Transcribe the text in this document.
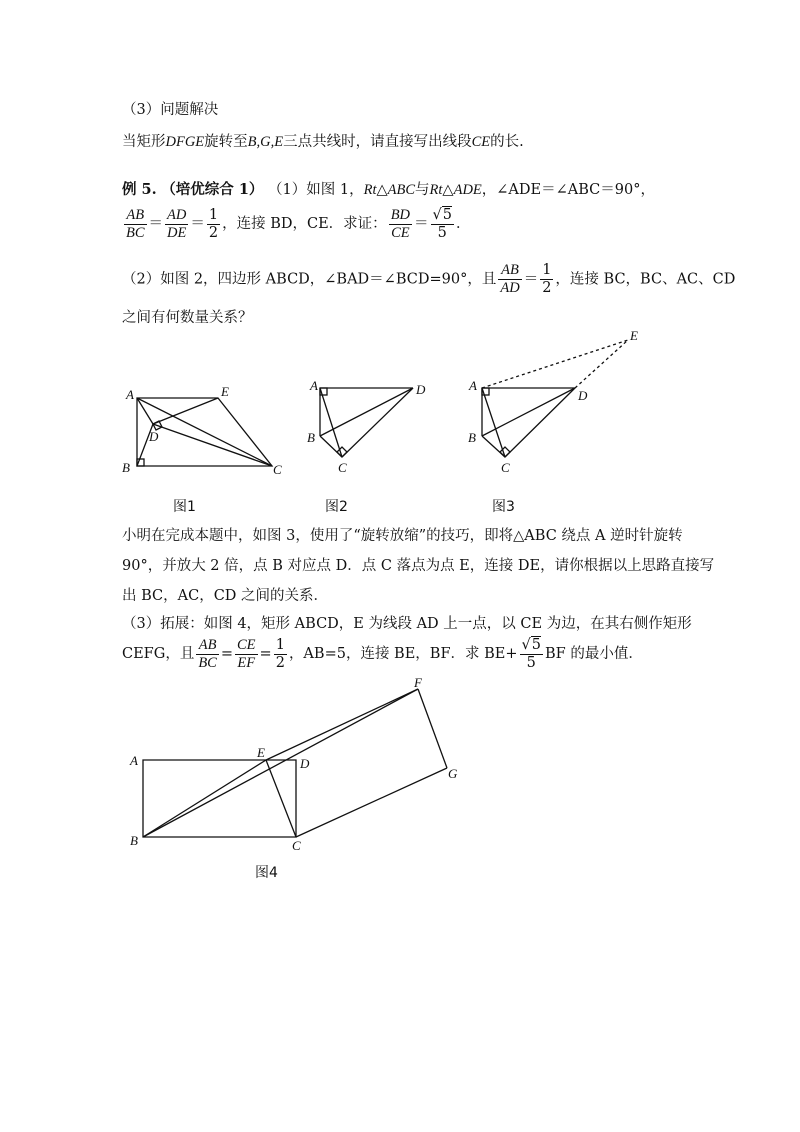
（3）问题解决
当矩形DFGE旋转至B,G,E三点共线时，请直接写出线段CE的长.
例 5. （培优综合 1） （1）如图 1，Rt△ABC与Rt△ADE，∠ADE＝∠ABC＝90°，
$\frac{AB}{BC} = \frac{AD}{DE} = \frac{1}{2}$ ，连接 BD，CE．求证： $\frac{BD}{CE} = \frac{√5}{5}$ ．
（2）如图 2，四边形 ABCD，∠BAD＝∠BCD=90°，且 $\frac{AB}{AD} = \frac{1}{2}$ ，连接 BC，BC、AC、CD
之间有何数量关系？
A	E
D
B	C
A	D
B
C
A
D
B
C
E
图1	图2	图3
小明在完成本题中，如图 3，使用了“旋转放缩”的技巧，即将△ABC 绕点 A 逆时针旋转
90°，并放大 2 倍，点 B 对应点 D．点 C 落点为点 E，连接 DE，请你根据以上思路直接写
出 BC，AC，CD 之间的关系．
（3）拓展：如图 4，矩形 ABCD，E 为线段 AD 上一点，以 CE 为边，在其右侧作矩形
CEFG，且 $\frac{AB}{BC} = \frac{CE}{EF} = \frac{1}{2}$ ，AB=5，连接 BE，BF．求 $BE+ \frac{√5}{5}$ BF 的最小值．
A
E
D
F
G
B	C
图4
